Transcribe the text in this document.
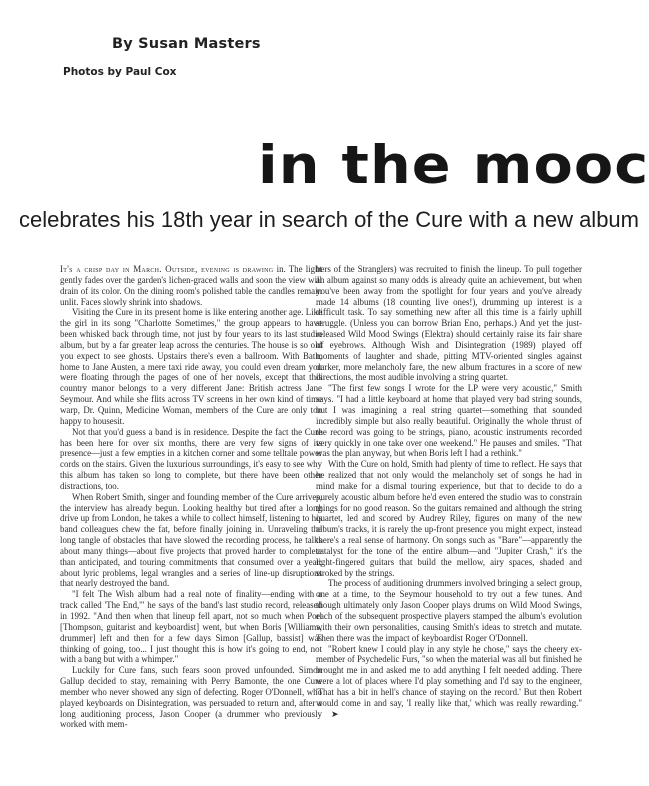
By Susan Masters
Photos by Paul Cox
in the mooc
celebrates his 18th year in search of the Cure with a new album

It's a crisp day in March. Outside, evening is drawing in. The light gently fades over the garden's lichen-graced walls and soon the view will drain of its color. On the dining room's polished table the candles remain unlit. Faces slowly shrink into shadows.

Visiting the Cure in its present home is like entering another age. Like the girl in its song "Charlotte Sometimes," the group appears to have been whisked back through time, not just by four years to its last studio album, but by a far greater leap across the centuries. The house is so old you expect to see ghosts. Upstairs there's even a ballroom. With Bath, home to Jane Austen, a mere taxi ride away, you could even dream you were floating through the pages of one of her novels, except that this country manor belongs to a very different Jane: British actress Jane Seymour. And while she flits across TV screens in her own kind of time warp, Dr. Quinn, Medicine Woman, members of the Cure are only too happy to housesit.

Not that you'd guess a band is in residence. Despite the fact the Cure has been here for over six months, there are very few signs of its presence—just a few empties in a kitchen corner and some telltale power cords on the stairs. Given the luxurious surroundings, it's easy to see why this album has taken so long to complete, but there have been other distractions, too.

When Robert Smith, singer and founding member of the Cure arrives, the interview has already begun. Looking healthy but tired after a long drive up from London, he takes a while to collect himself, listening to his band colleagues chew the fat, before finally joining in. Unraveling the long tangle of obstacles that have slowed the recording process, he talks about many things—about five projects that proved harder to complete than anticipated, and touring commitments that consumed over a year; about lyric problems, legal wrangles and a series of line-up disruptions that nearly destroyed the band.

"I felt The Wish album had a real note of finality—ending with a track called 'The End,'" he says of the band's last studio record, released in 1992. "And then when that lineup fell apart, not so much when Porl [Thompson, guitarist and keyboardist] went, but when Boris [Williams, drummer] left and then for a few days Simon [Gallup, bassist] was thinking of going, too... I just thought this is how it's going to end, not with a bang but with a whimper."

Luckily for Cure fans, such fears soon proved unfounded. Simon Gallup decided to stay, remaining with Perry Bamonte, the one Cure member who never showed any sign of defecting. Roger O'Donnell, who played keyboards on Disintegration, was persuaded to return and, after a long auditioning process, Jason Cooper (a drummer who previously worked with mem-

bers of the Stranglers) was recruited to finish the lineup. To pull together an album against so many odds is already quite an achievement, but when you've been away from the spotlight for four years and you've already made 14 albums (18 counting live ones!), drumming up interest is a difficult task. To say something new after all this time is a fairly uphill struggle. (Unless you can borrow Brian Eno, perhaps.) And yet the just-released Wild Mood Swings (Elektra) should certainly raise its fair share of eyebrows. Although Wish and Disintegration (1989) played off moments of laughter and shade, pitting MTV-oriented singles against darker, more melancholy fare, the new album fractures in a score of new directions, the most audible involving a string quartet.

"The first few songs I wrote for the LP were very acoustic," Smith says. "I had a little keyboard at home that played very bad string sounds, but I was imagining a real string quartet—something that sounded incredibly simple but also really beautiful. Originally the whole thrust of the record was going to be strings, piano, acoustic instruments recorded very quickly in one take over one weekend." He pauses and smiles. "That was the plan anyway, but when Boris left I had a rethink."

With the Cure on hold, Smith had plenty of time to reflect. He says that he realized that not only would the melancholy set of songs he had in mind make for a dismal touring experience, but that to decide to do a purely acoustic album before he'd even entered the studio was to constrain things for no good reason. So the guitars remained and although the string quartet, led and scored by Audrey Riley, figures on many of the new album's tracks, it is rarely the up-front presence you might expect, instead there's a real sense of harmony. On songs such as "Bare"—apparently the catalyst for the tone of the entire album—and "Jupiter Crash," it's the light-fingered guitars that build the mellow, airy spaces, shaded and stroked by the strings.

The process of auditioning drummers involved bringing a select group, one at a time, to the Seymour household to try out a few tunes. And though ultimately only Jason Cooper plays drums on Wild Mood Swings, each of the subsequent prospective players stamped the album's evolution with their own personalities, causing Smith's ideas to stretch and mutate. Then there was the impact of keyboardist Roger O'Donnell.

"Robert knew I could play in any style he chose," says the cheery ex-member of Psychedelic Furs, "so when the material was all but finished he brought me in and asked me to add anything I felt needed adding. There were a lot of places where I'd play something and I'd say to the engineer, 'That has a bit in hell's chance of staying on the record.' But then Robert would come in and say, 'I really like that,' which was really rewarding."➤
